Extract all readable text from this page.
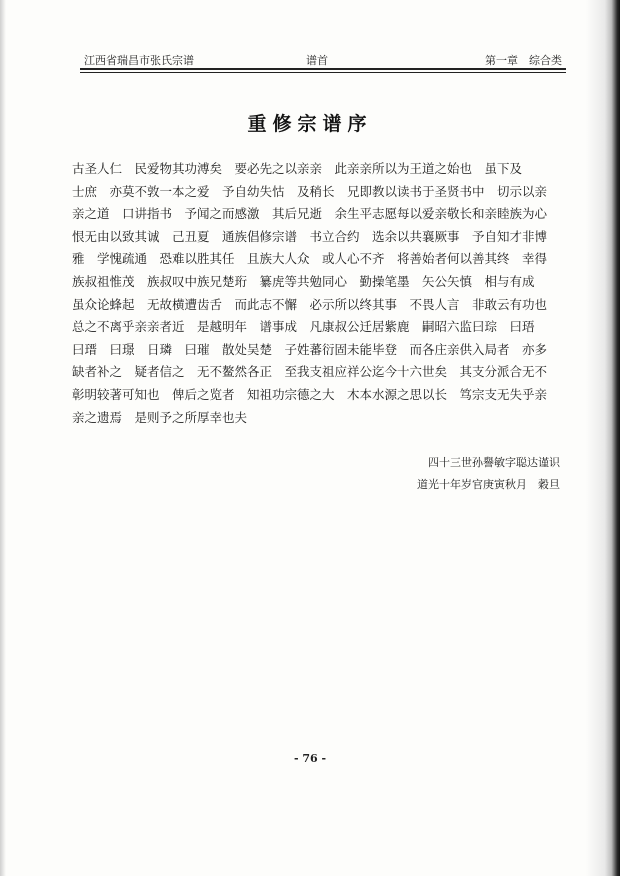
江西省瑞昌市张氏宗谱	谱首	第一章　综合类
重修宗谱序
古圣人仁　民爱物其功溥矣　要必先之以亲亲　此亲亲所以为王道之始也　虽下及
士庶　亦莫不敦一本之爱　予自幼失怙　及稍长　兄即教以读书于圣贤书中　切示以亲
亲之道　口讲指书　予闻之而感激　其后兄逝　余生平志愿每以爱亲敬长和亲睦族为心
恨无由以致其诚　己丑夏　通族倡修宗谱　书立合约　选余以共襄厥事　予自知才非博
雅　学愧疏通　恐难以胜其任　且族大人众　或人心不齐　将善始者何以善其终　幸得
族叔祖惟茂　族叔叹中族兄楚珩　纂虎等共勉同心　勤操笔墨　矢公矢慎　相与有成
虽众论蜂起　无故横遭齿舌　而此志不懈　必示所以终其事　不畏人言　非敢云有功也
总之不离乎亲亲者近　是越明年　谱事成　凡康叔公迁居紫鹿　嗣昭六监曰琮　曰珸
曰瑨　曰璟　日璘　曰璀　散处吴楚　子姓蕃衍固未能毕登　而各庄亲供入局者　亦多
缺者补之　疑者信之　无不鳌然各正　至我支祖应祥公迄今十六世矣　其支分派合无不
彰明较著可知也　俾后之览者　知祖功宗德之大　木本水源之思以长　笃宗支无失乎亲
亲之遗焉　是则予之所厚幸也夫
四十三世孙譽敏字聪达谨识
道光十年岁官庚寅秋月　穀旦
- 76 -
